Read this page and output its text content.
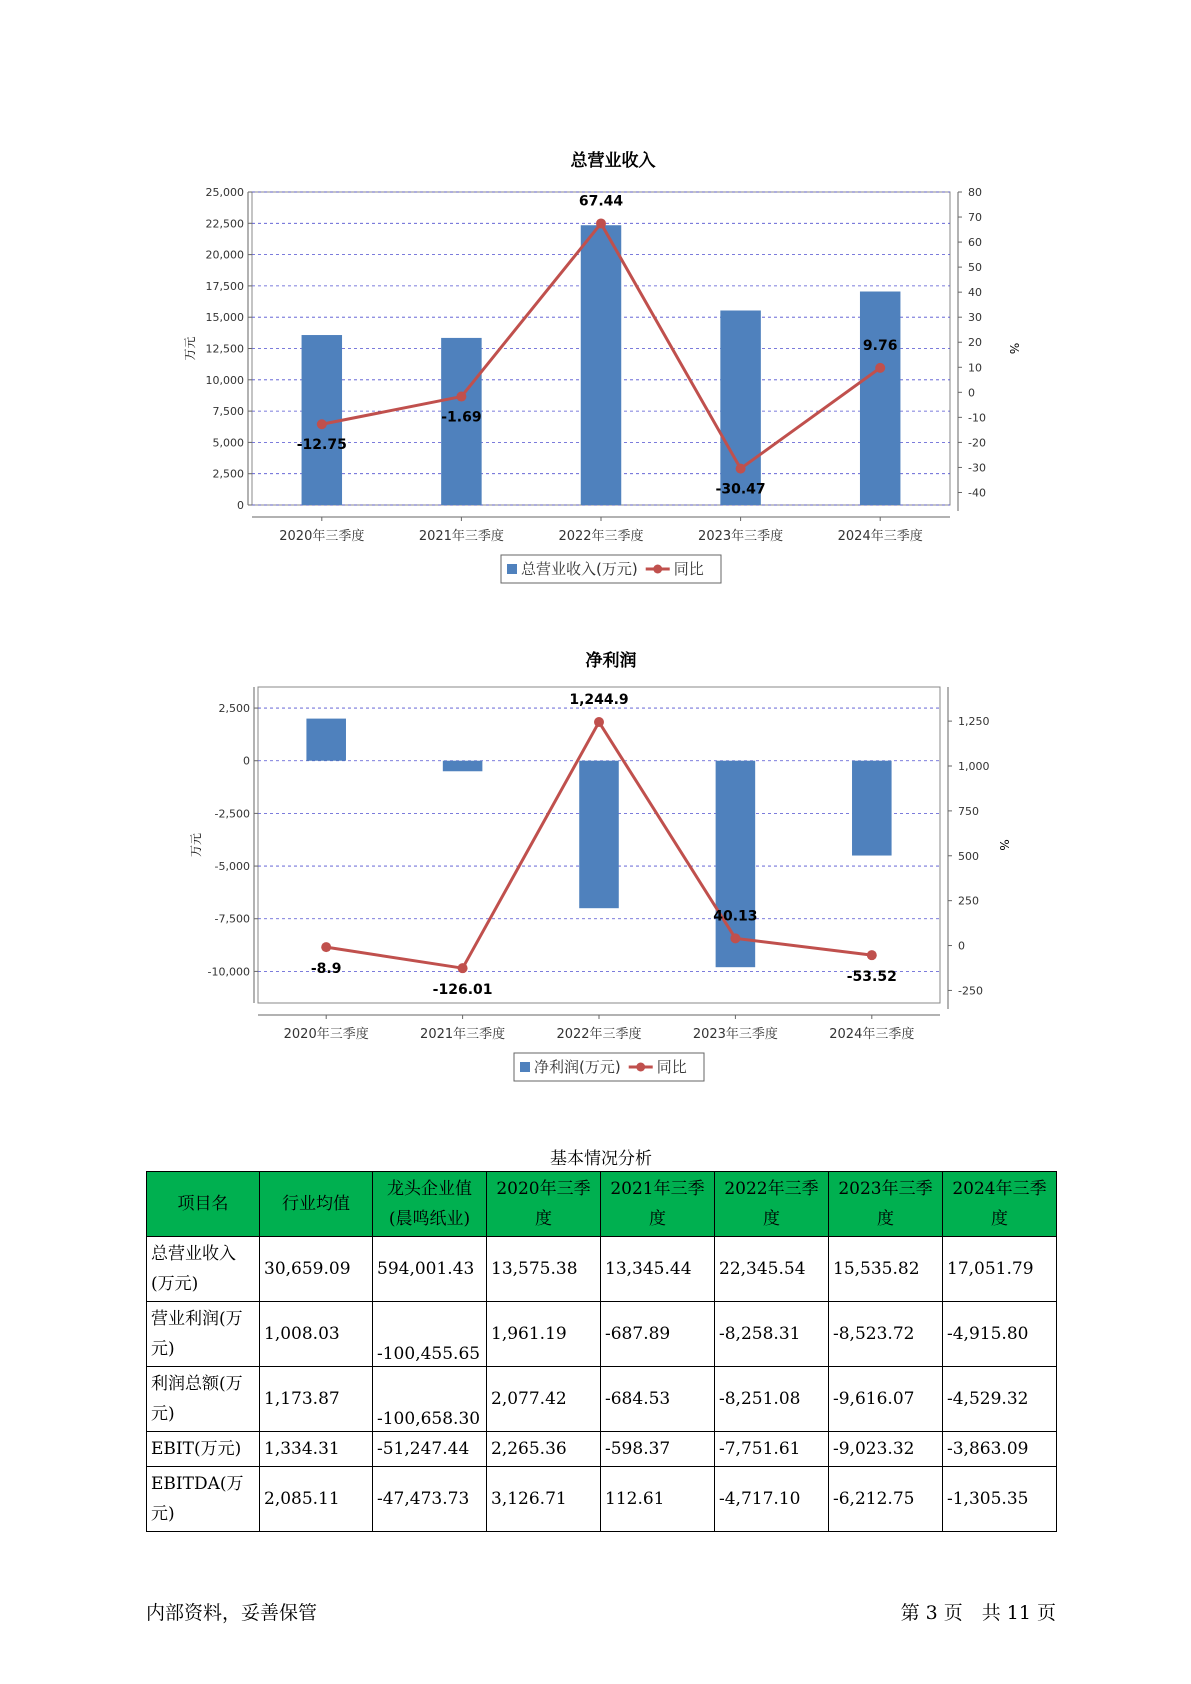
总营业收入
0
2,500
5,000
7,500
10,000
12,500
15,000
17,500
20,000
22,500
25,000
-40
-30
-20
-10
0
10
20
30
40
50
60
70
80
万元	%
2020年三季度	2021年三季度	2022年三季度	2023年三季度	2024年三季度
-12.75
-1.69
67.44
-30.47
9.76
总营业收入(万元) 同比
净利润
2,500
0
-2,500
-5,000
-7,500
-10,000
1,250
1,000
750
500
250
0
-250
万元	%
2020年三季度	2021年三季度	2022年三季度	2023年三季度	2024年三季度
-8.9
-126.01
1,244.9
40.13
-53.52
净利润(万元) 同比
基本情况分析
项目名	行业均值	龙头企业值(晨鸣纸业)	2020年三季度	2021年三季度	2022年三季度	2023年三季度	2024年三季度
总营业收入(万元)	30,659.09	594,001.43	13,575.38	13,345.44	22,345.54	15,535.82	17,051.79
营业利润(万元)	1,008.03	-100,455.65	1,961.19	-687.89	-8,258.31	-8,523.72	-4,915.80
利润总额(万元)	1,173.87	-100,658.30	2,077.42	-684.53	-8,251.08	-9,616.07	-4,529.32
EBIT(万元)	1,334.31	-51,247.44	2,265.36	-598.37	-7,751.61	-9,023.32	-3,863.09
EBITDA(万元)	2,085.11	-47,473.73	3,126.71	112.61	-4,717.10	-6,212.75	-1,305.35
内部资料，妥善保管	第 3 页　共 11 页
